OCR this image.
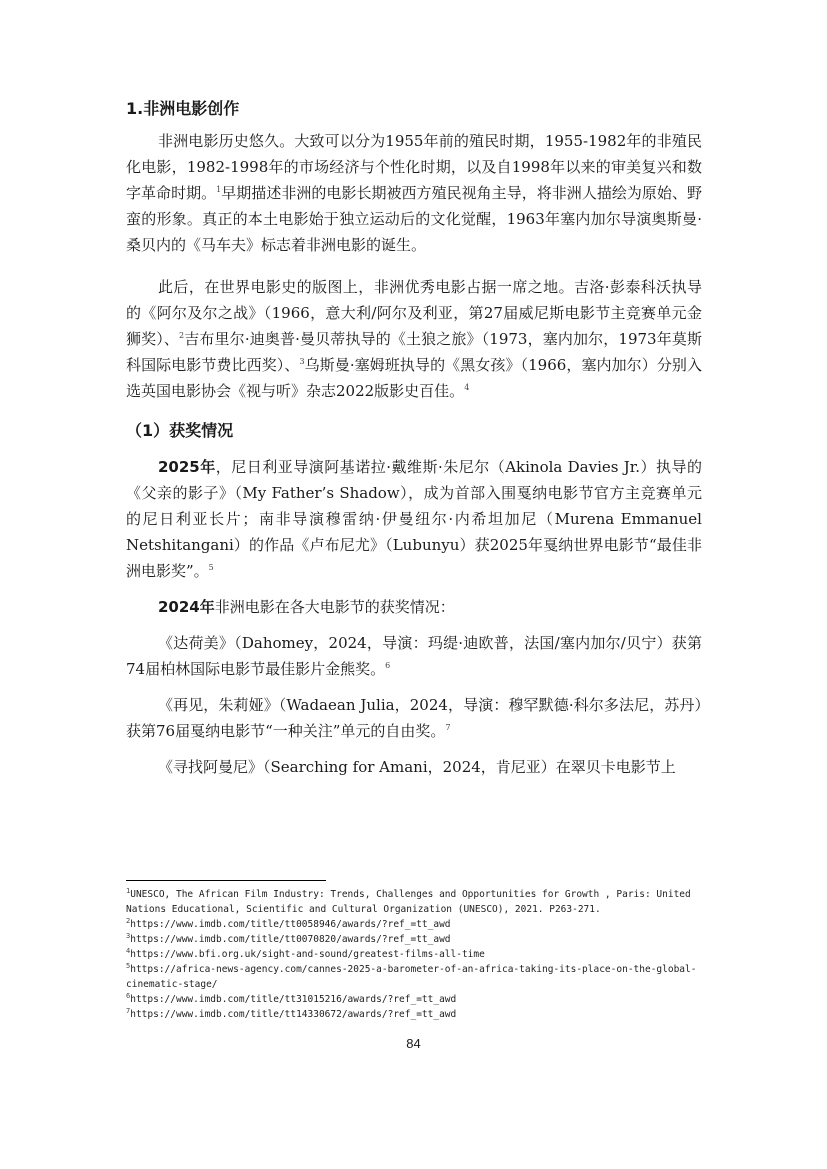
1.非洲电影创作

非洲电影历史悠久。大致可以分为1955年前的殖民时期，1955-1982年的非殖民化电影，1982-1998年的市场经济与个性化时期，以及自1998年以来的审美复兴和数字革命时期。$^1$早期描述非洲的电影长期被西方殖民视角主导，将非洲人描绘为原始、野蛮的形象。真正的本土电影始于独立运动后的文化觉醒，1963年塞内加尔导演奥斯曼·桑贝内的《马车夫》标志着非洲电影的诞生。

此后，在世界电影史的版图上，非洲优秀电影占据一席之地。吉洛·彭泰科沃执导的《阿尔及尔之战》（1966，意大利/阿尔及利亚，第27届威尼斯电影节主竞赛单元金狮奖）、$^2$吉布里尔·迪奥普·曼贝蒂执导的《土狼之旅》（1973，塞内加尔，1973年莫斯科国际电影节费比西奖）、$^3$乌斯曼·塞姆班执导的《黑女孩》（1966，塞内加尔）分别入选英国电影协会《视与听》杂志2022版影史百佳。$^4$

（1）获奖情况

2025年，尼日利亚导演阿基诺拉·戴维斯·朱尼尔（Akinola Davies Jr.）执导的《父亲的影子》（My Father’s Shadow），成为首部入围戛纳电影节官方主竞赛单元的尼日利亚长片；南非导演穆雷纳·伊曼纽尔·内希坦加尼（Murena Emmanuel Netshitangani）的作品《卢布尼尤》（Lubunyu）获2025年戛纳世界电影节“最佳非洲电影奖”。$^5$

2024年非洲电影在各大电影节的获奖情况：

《达荷美》（Dahomey，2024，导演：玛缇·迪欧普，法国/塞内加尔/贝宁）获第74届柏林国际电影节最佳影片金熊奖。$^6$

《再见，朱莉娅》（Wadaean Julia，2024，导演：穆罕默德·科尔多法尼，苏丹）获第76届戛纳电影节“一种关注”单元的自由奖。$^7$

《寻找阿曼尼》（Searching for Amani，2024，肯尼亚）在翠贝卡电影节上

$^1$UNESCO, The African Film Industry: Trends, Challenges and Opportunities for Growth , Paris: United Nations Educational, Scientific and Cultural Organization (UNESCO), 2021. P263-271.
$^2$https://www.imdb.com/title/tt0058946/awards/?ref_=tt_awd
$^3$https://www.imdb.com/title/tt0070820/awards/?ref_=tt_awd
$^4$https://www.bfi.org.uk/sight-and-sound/greatest-films-all-time
$^5$https://africa-news-agency.com/cannes-2025-a-barometer-of-an-africa-taking-its-place-on-the-global-cinematic-stage/
$^6$https://www.imdb.com/title/tt31015216/awards/?ref_=tt_awd
$^7$https://www.imdb.com/title/tt14330672/awards/?ref_=tt_awd
84
